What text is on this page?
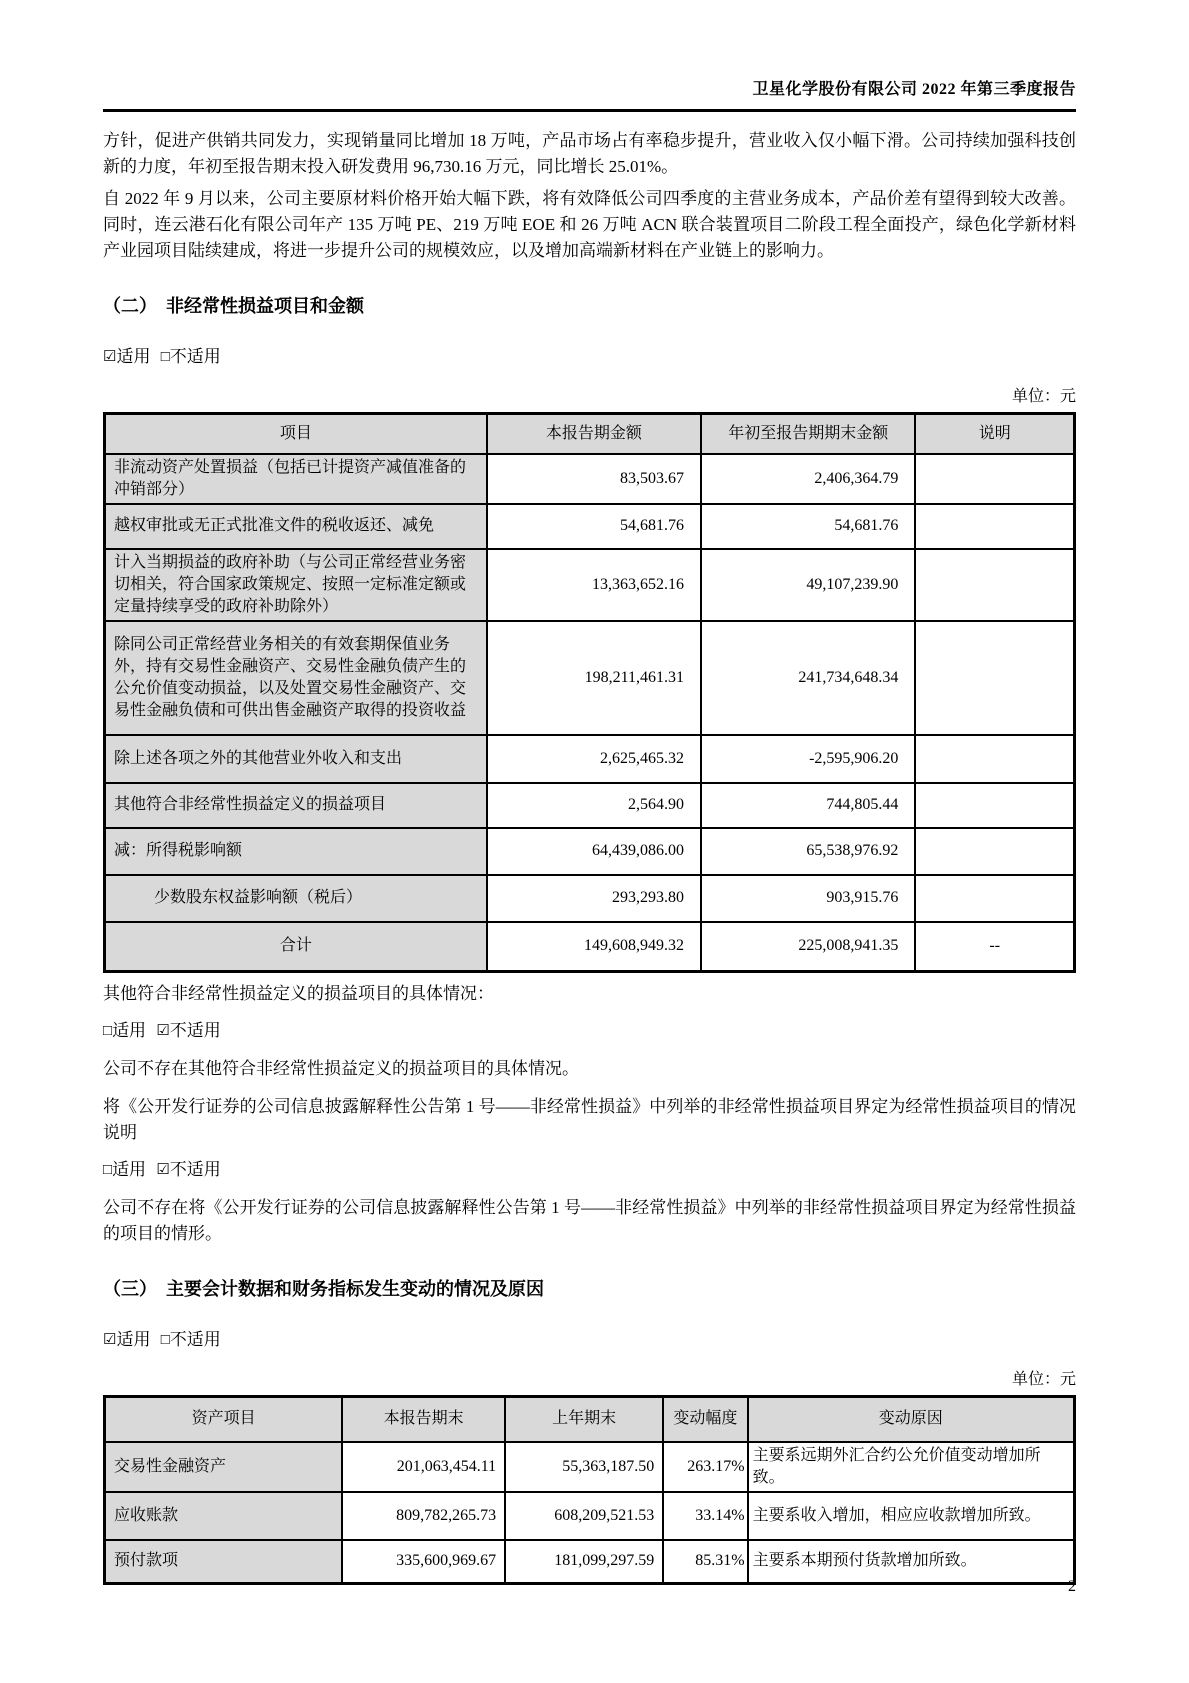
卫星化学股份有限公司 2022 年第三季度报告

方针，促进产供销共同发力，实现销量同比增加 18 万吨，产品市场占有率稳步提升，营业收入仅小幅下滑。公司持续加强科技创新的力度，年初至报告期末投入研发费用 96,730.16 万元，同比增长 25.01%。

自 2022 年 9 月以来，公司主要原材料价格开始大幅下跌，将有效降低公司四季度的主营业务成本，产品价差有望得到较大改善。同时，连云港石化有限公司年产 135 万吨 PE、219 万吨 EOE 和 26 万吨 ACN 联合装置项目二阶段工程全面投产，绿色化学新材料产业园项目陆续建成，将进一步提升公司的规模效应，以及增加高端新材料在产业链上的影响力。

（二）　非经常性损益项目和金额

☑适用 □不适用

单位：元
项目	本报告期金额	年初至报告期期末金额	说明
非流动资产处置损益（包括已计提资产减值准备的冲销部分）	83,503.67	2,406,364.79	
越权审批或无正式批准文件的税收返还、减免	54,681.76	54,681.76	
计入当期损益的政府补助（与公司正常经营业务密切相关，符合国家政策规定、按照一定标准定额或定量持续享受的政府补助除外）	13,363,652.16	49,107,239.90	
除同公司正常经营业务相关的有效套期保值业务外，持有交易性金融资产、交易性金融负债产生的公允价值变动损益，以及处置交易性金融资产、交易性金融负债和可供出售金融资产取得的投资收益	198,211,461.31	241,734,648.34	
除上述各项之外的其他营业外收入和支出	2,625,465.32	-2,595,906.20	
其他符合非经常性损益定义的损益项目	2,564.90	744,805.44	
减：所得税影响额	64,439,086.00	65,538,976.92	
少数股东权益影响额（税后）	293,293.80	903,915.76	
合计	149,608,949.32	225,008,941.35	--

其他符合非经常性损益定义的损益项目的具体情况：

□适用 ☑不适用

公司不存在其他符合非经常性损益定义的损益项目的具体情况。

将《公开发行证券的公司信息披露解释性公告第 1 号——非经常性损益》中列举的非经常性损益项目界定为经常性损益项目的情况说明

□适用 ☑不适用

公司不存在将《公开发行证券的公司信息披露解释性公告第 1 号——非经常性损益》中列举的非经常性损益项目界定为经常性损益的项目的情形。

（三）　主要会计数据和财务指标发生变动的情况及原因

☑适用 □不适用

单位：元
资产项目	本报告期末	上年期末	变动幅度	变动原因
交易性金融资产	201,063,454.11	55,363,187.50	263.17%	主要系远期外汇合约公允价值变动增加所致。
应收账款	809,782,265.73	608,209,521.53	33.14%	主要系收入增加，相应应收款增加所致。
预付款项	335,600,969.67	181,099,297.59	85.31%	主要系本期预付货款增加所致。
2
